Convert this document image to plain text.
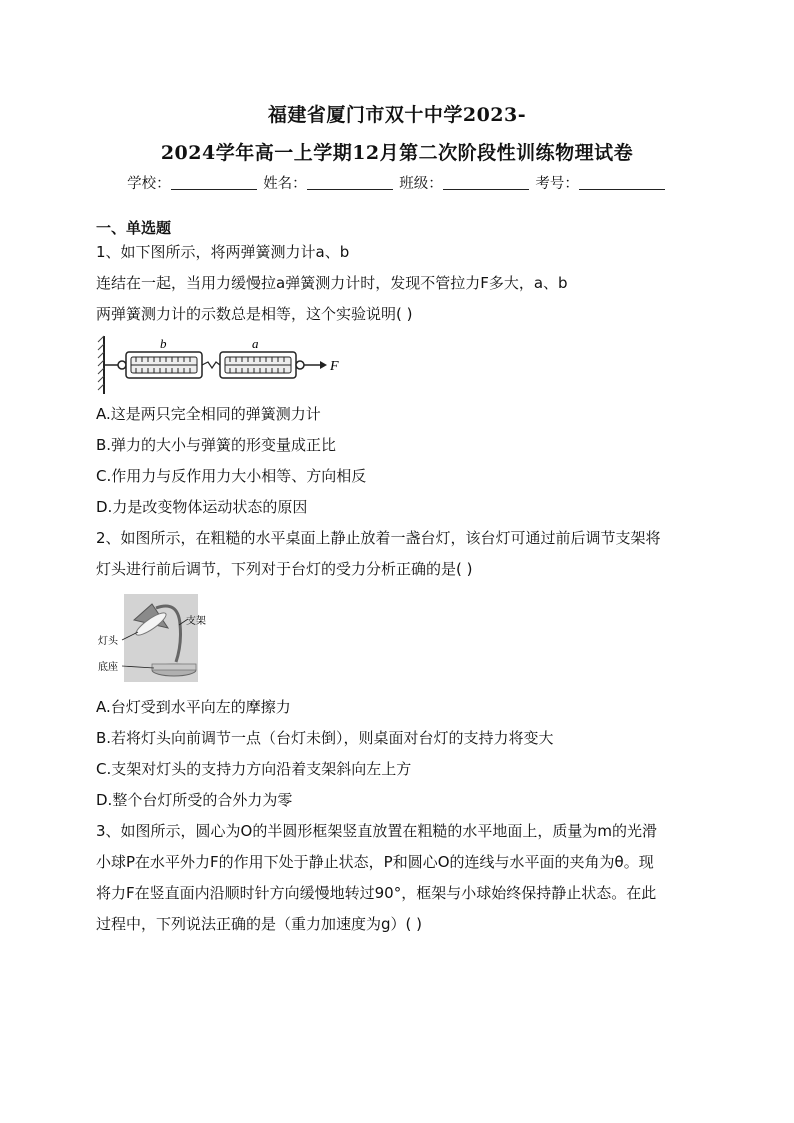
福建省厦门市双十中学2023-
2024学年高一上学期12月第二次阶段性训练物理试卷
学校：	姓名：	班级：	考号：
一、单选题
1、如下图所示，将两弹簧测力计a、b
连结在一起，当用力缓慢拉a弹簧测力计时，发现不管拉力F多大，a、b
两弹簧测力计的示数总是相等，这个实验说明( )
b	a
F
A.这是两只完全相同的弹簧测力计
B.弹力的大小与弹簧的形变量成正比
C.作用力与反作用力大小相等、方向相反
D.力是改变物体运动状态的原因
2、如图所示，在粗糙的水平桌面上静止放着一盏台灯，该台灯可通过前后调节支架将
灯头进行前后调节，下列对于台灯的受力分析正确的是( )
支架
灯头
底座
A.台灯受到水平向左的摩擦力
B.若将灯头向前调节一点（台灯未倒），则桌面对台灯的支持力将变大
C.支架对灯头的支持力方向沿着支架斜向左上方
D.整个台灯所受的合外力为零
3、如图所示，圆心为O的半圆形框架竖直放置在粗糙的水平地面上，质量为m的光滑
小球P在水平外力F的作用下处于静止状态，P和圆心O的连线与水平面的夹角为θ。现
将力F在竖直面内沿顺时针方向缓慢地转过90°，框架与小球始终保持静止状态。在此
过程中，下列说法正确的是（重力加速度为g）( )
